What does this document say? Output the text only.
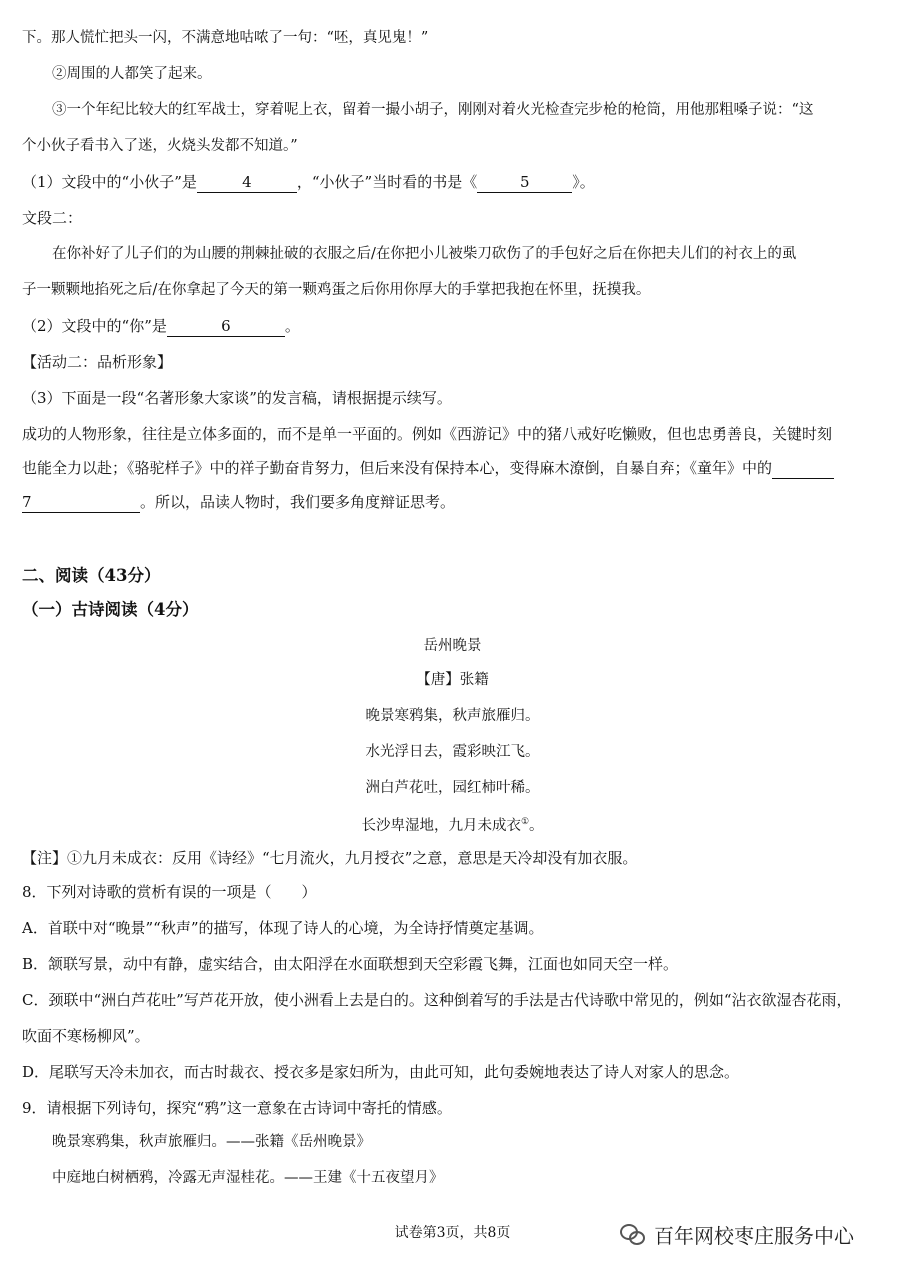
下。那人慌忙把头一闪，不满意地咕哝了一句：“呸，真见鬼！”
②周围的人都笑了起来。
③一个年纪比较大的红军战士，穿着呢上衣，留着一撮小胡子，刚刚对着火光检查完步枪的枪筒，用他那粗嗓子说：“这
个小伙子看书入了迷，火烧头发都不知道。”
（1）文段中的“小伙子”是	4	，“小伙子”当时看的书是《	5	》。
文段二：
在你补好了儿子们的为山腰的荆棘扯破的衣服之后/在你把小儿被柴刀砍伤了的手包好之后在你把夫儿们的衬衣上的虱
子一颗颗地掐死之后/在你拿起了今天的第一颗鸡蛋之后你用你厚大的手掌把我抱在怀里，抚摸我。
（2）文段中的“你”是	6	。
【活动二：品析形象】
（3）下面是一段“名著形象大家谈”的发言稿，请根据提示续写。
成功的人物形象，往往是立体多面的，而不是单一平面的。例如《西游记》中的猪八戒好吃懒败，但也忠勇善良，关键时刻
也能全力以赴；《骆驼样子》中的祥子勤奋肯努力，但后来没有保持本心，变得麻木潦倒，自暴自弃；《童年》中的
7	。所以，品读人物时，我们要多角度辩证思考。
二、阅读（43分）
（一）古诗阅读（4分）
岳州晚景
【唐】张籍
晚景寒鸦集，秋声旅雁归。
水光浮日去，霞彩映江飞。
洲白芦花吐，园红柿叶稀。
长沙卑湿地，九月未成衣①。
【注】①九月未成衣：反用《诗经》“七月流火，九月授衣”之意，意思是天冷却没有加衣服。
8．下列对诗歌的赏析有误的一项是（　　）
A．首联中对“晚景”“秋声”的描写，体现了诗人的心境，为全诗抒情奠定基调。
B．颔联写景，动中有静，虚实结合，由太阳浮在水面联想到天空彩霞飞舞，江面也如同天空一样。
C．颈联中“洲白芦花吐”写芦花开放，使小洲看上去是白的。这种倒着写的手法是古代诗歌中常见的，例如“沾衣欲湿杏花雨，
吹面不寒杨柳风”。
D．尾联写天冷未加衣，而古时裁衣、授衣多是家妇所为，由此可知，此句委婉地表达了诗人对家人的思念。
9．请根据下列诗句，探究“鸦”这一意象在古诗词中寄托的情感。
晚景寒鸦集，秋声旅雁归。——张籍《岳州晚景》
中庭地白树栖鸦，冷露无声湿桂花。——王建《十五夜望月》
试卷第3页，共8页	百年网校枣庄服务中心
